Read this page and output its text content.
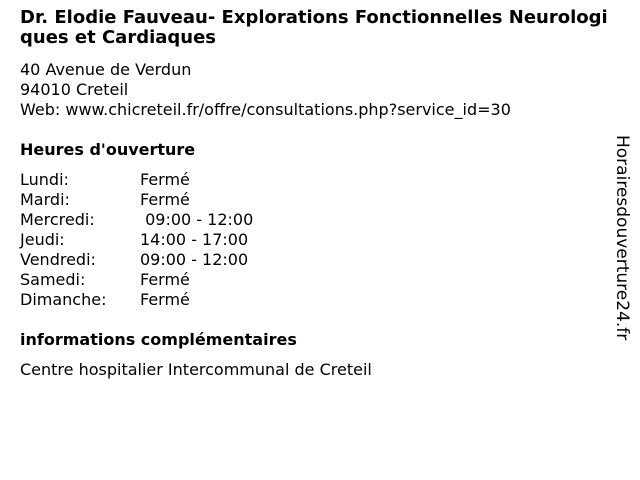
Dr. Elodie Fauveau- Explorations Fonctionnelles Neurologiques et Cardiaques
40 Avenue de Verdun
94010 Creteil
Web: www.chicreteil.fr/offre/consultations.php?service_id=30
Heures d'ouverture
Lundi:	Fermé
Mardi:	Fermé
Mercredi:	09:00 - 12:00
Jeudi:	14:00 - 17:00
Vendredi:	09:00 - 12:00
Samedi:	Fermé
Dimanche:	Fermé
informations complémentaires
Centre hospitalier Intercommunal de Creteil
Horairesdouverture24.fr
